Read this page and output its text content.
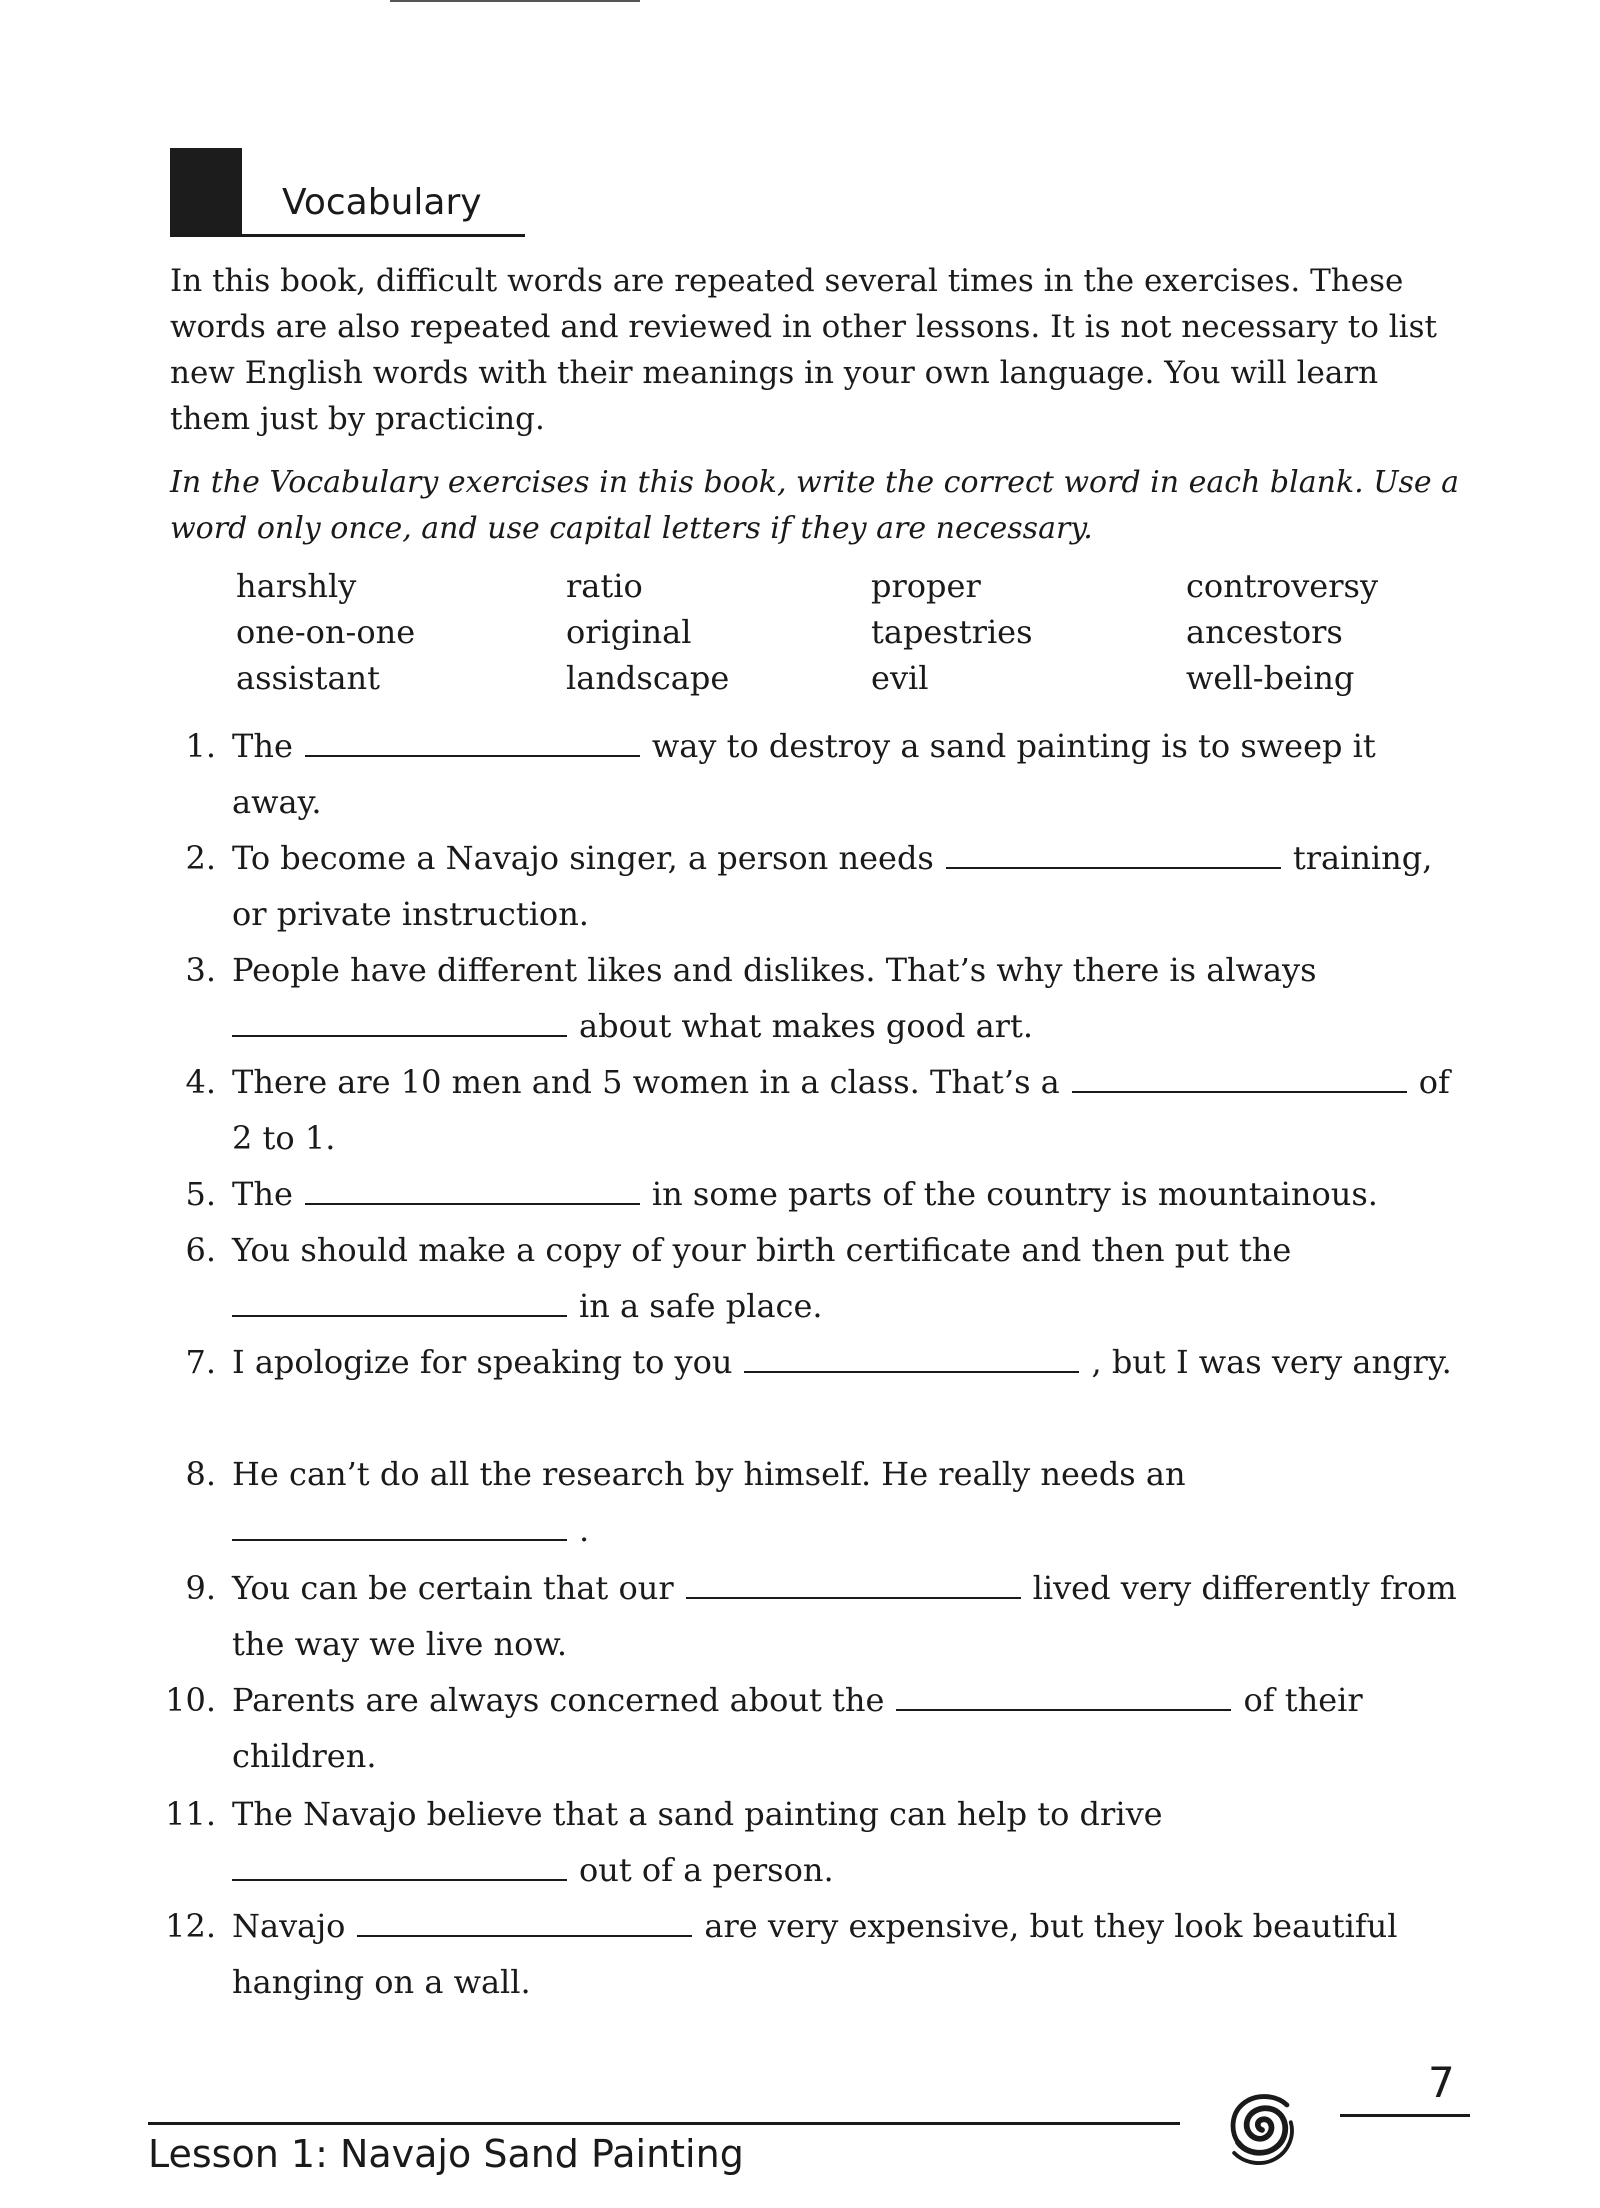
Vocabulary

In this book, difficult words are repeated several times in the exercises. These words are also repeated and reviewed in other lessons. It is not necessary to list new English words with their meanings in your own language. You will learn them just by practicing.

In the Vocabulary exercises in this book, write the correct word in each blank. Use a word only once, and use capital letters if they are necessary.

harshly	ratio	proper	controversy
one-on-one	original	tapestries	ancestors
assistant	landscape	evil	well-being
1. The	way to destroy a sand painting is to sweep it away.
2. To become a Navajo singer, a person needs	training, or private instruction.
3. People have different likes and dislikes. That’s why there is always about what makes good art.
4. There are 10 men and 5 women in a class. That’s a	of 2 to 1.
5. The	in some parts of the country is mountainous.
6. You should make a copy of your birth certificate and then put the in a safe place.
7. I apologize for speaking to you	, but I was very angry.
8. He can’t do all the research by himself. He really needs an .
9. You can be certain that our	lived very differently from the way we live now.
10. Parents are always concerned about the	of their children.
11. The Navajo believe that a sand painting can help to drive out of a person.
12. Navajo	are very expensive, but they look beautiful hanging on a wall.
Lesson 1: Navajo Sand Painting
7
